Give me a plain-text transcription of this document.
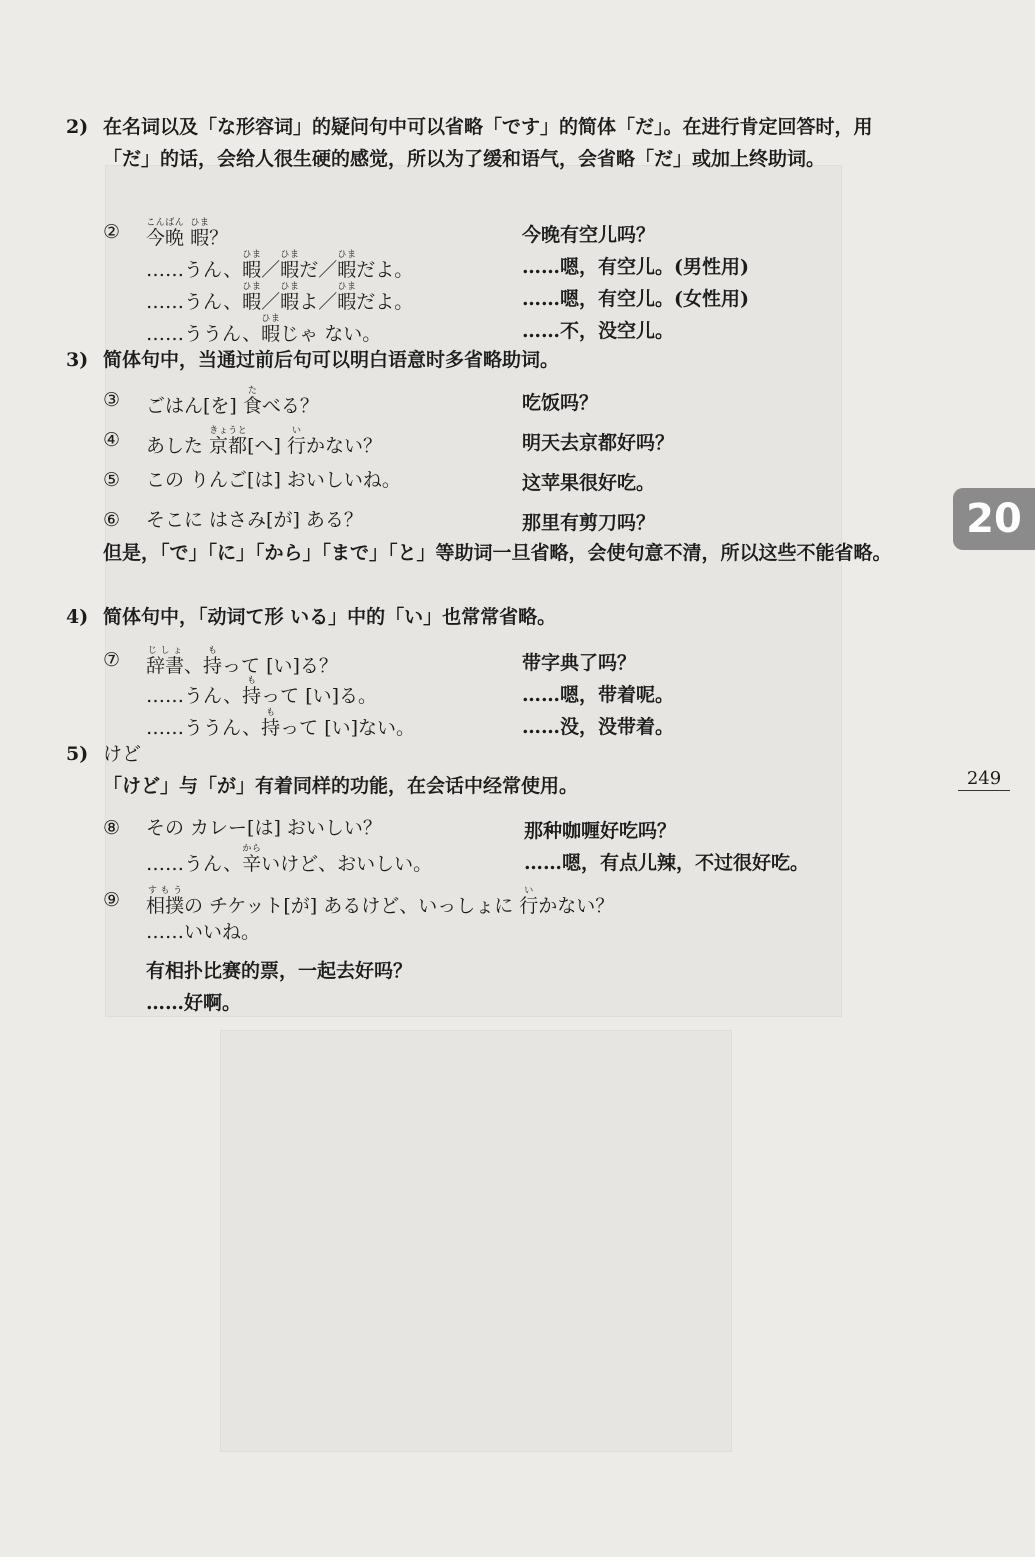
20
249
2) 在名词以及「な形容词」的疑问句中可以省略「です」的简体「だ」。在进行肯定回答时，用「だ」的话，会给人很生硬的感觉，所以为了缓和语气，会省略「だ」或加上终助词。
② 今晩こんばん 暇ひま？	今晚有空儿吗？
……うん、暇ひま／暇ひまだ／暇ひまだよ。	……嗯，有空儿。(男性用)
……うん、暇ひま／暇ひまよ／暇ひまだよ。	……嗯，有空儿。(女性用)
……ううん、暇ひまじゃ ない。	……不，没空儿。
3) 简体句中，当通过前后句可以明白语意时多省略助词。
③ ごはん[を] 食たべる？	吃饭吗？
④ あした 京都きょうと[へ] 行いかない？	明天去京都好吗？
⑤ この りんご[は] おいしいね。	这苹果很好吃。
⑥ そこに はさみ[が] ある？	那里有剪刀吗？
但是，「で」「に」「から」「まで」「と」等助词一旦省略，会使句意不清，所以这些不能省略。
4) 简体句中，「动词て形 いる」中的「い」也常常省略。
⑦ 辞書じしょ、持もって [い]る？	带字典了吗？
……うん、持もって [い]る。	……嗯，带着呢。
……ううん、持もって [い]ない。	……没，没带着。
5) けど
「けど」与「が」有着同样的功能，在会话中经常使用。
⑧ その カレー[は] おいしい？	那种咖喱好吃吗？
……うん、辛からいけど、おいしい。	……嗯，有点儿辣，不过很好吃。
⑨ 相撲すもうの チケット[が] あるけど、いっしょに 行いかない？
……いいね。
有相扑比赛的票，一起去好吗？
……好啊。
